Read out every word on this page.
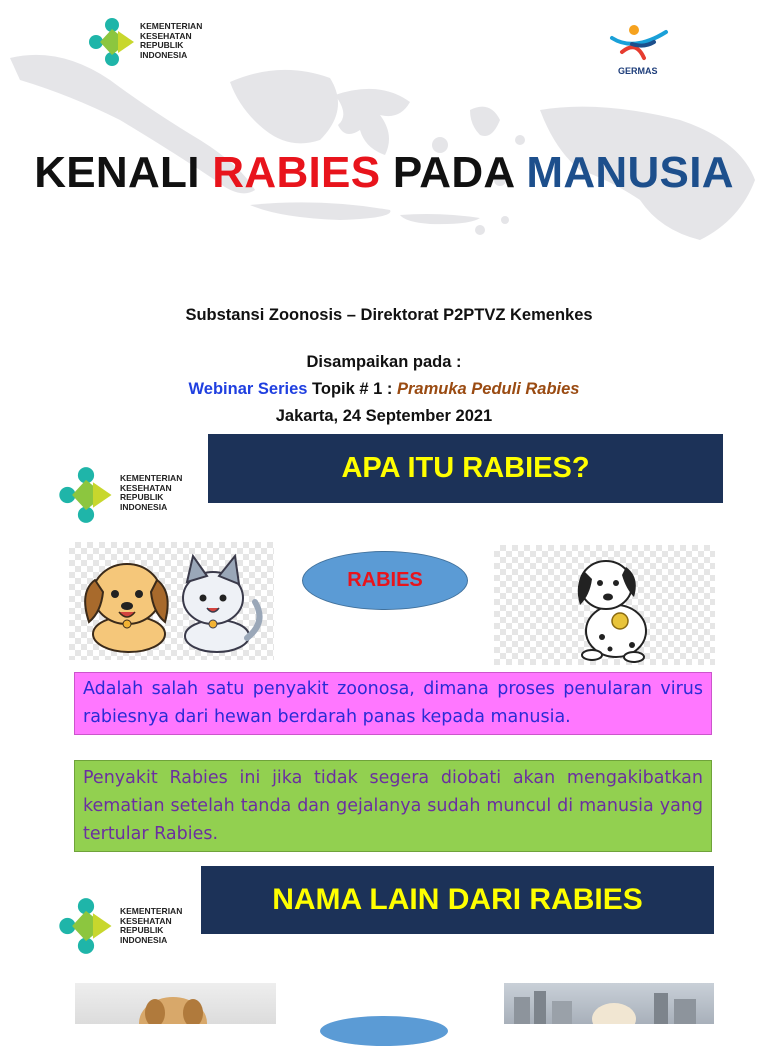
KEMENTERIAN
KESEHATAN
REPUBLIK
INDONESIA
GERMAS
KENALI RABIES PADA MANUSIA
Substansi Zoonosis – Direktorat P2PTVZ Kemenkes
Disampaikan pada :
Webinar Series Topik # 1 : Pramuka Peduli Rabies
Jakarta, 24 September 2021
KEMENTERIAN
KESEHATAN
REPUBLIK
INDONESIA
APA ITU RABIES?
RABIES
Adalah salah satu penyakit zoonosa, dimana proses penularan virus rabiesnya dari hewan berdarah panas kepada manusia.
Penyakit Rabies ini jika tidak segera diobati akan mengakibatkan kematian setelah tanda dan gejalanya sudah muncul di manusia yang tertular Rabies.
KEMENTERIAN
KESEHATAN
REPUBLIK
INDONESIA
NAMA LAIN DARI RABIES
